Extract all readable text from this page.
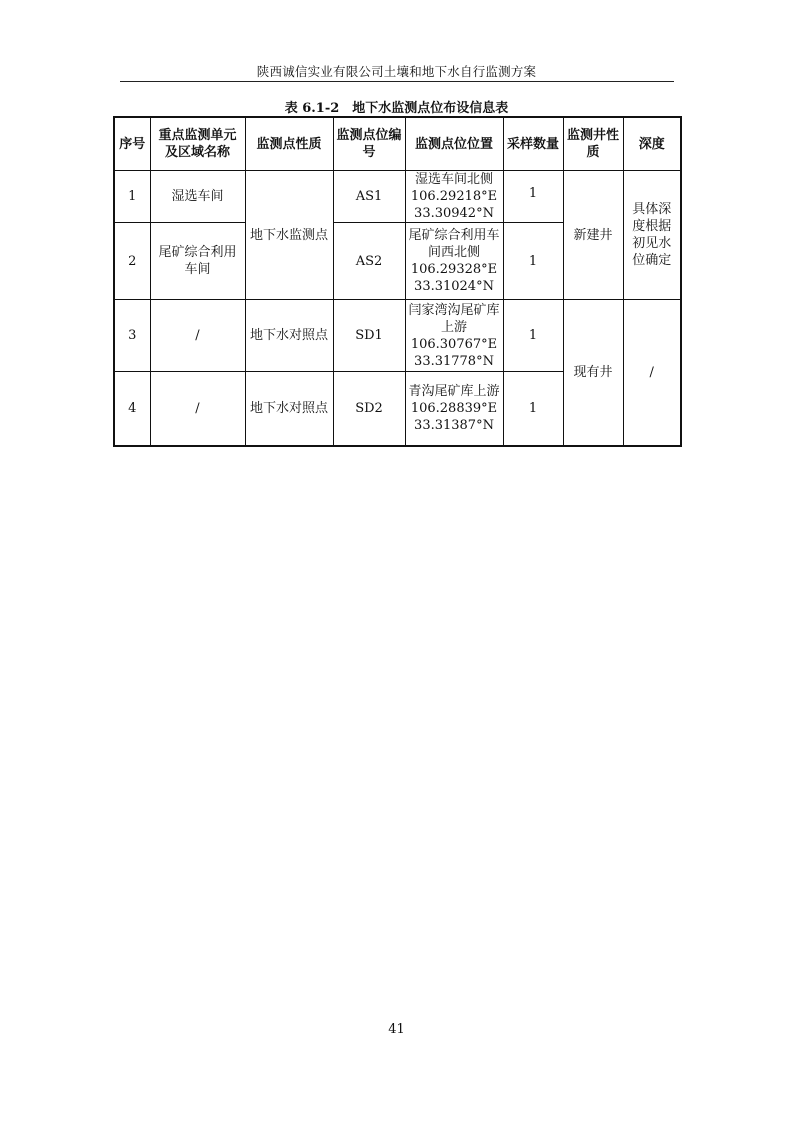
陕西诚信实业有限公司土壤和地下水自行监测方案
表 6.1-2　地下水监测点位布设信息表
序号	重点监测单元及区域名称	监测点性质	监测点位编号	监测点位位置	采样数量	监测井性质	深度
1	湿选车间	地下水监测点	AS1	湿选车间北侧
106.29218°E
33.30942°N	1	新建井	具体深度根据初见水位确定
2	尾矿综合利用车间		AS2	尾矿综合利用车间西北侧
106.29328°E
33.31024°N	1		
3	/	地下水对照点	SD1	闫家湾沟尾矿库上游
106.30767°E
33.31778°N	1	现有井	/
4	/	地下水对照点	SD2	青沟尾矿库上游
106.28839°E
33.31387°N	1		
41
